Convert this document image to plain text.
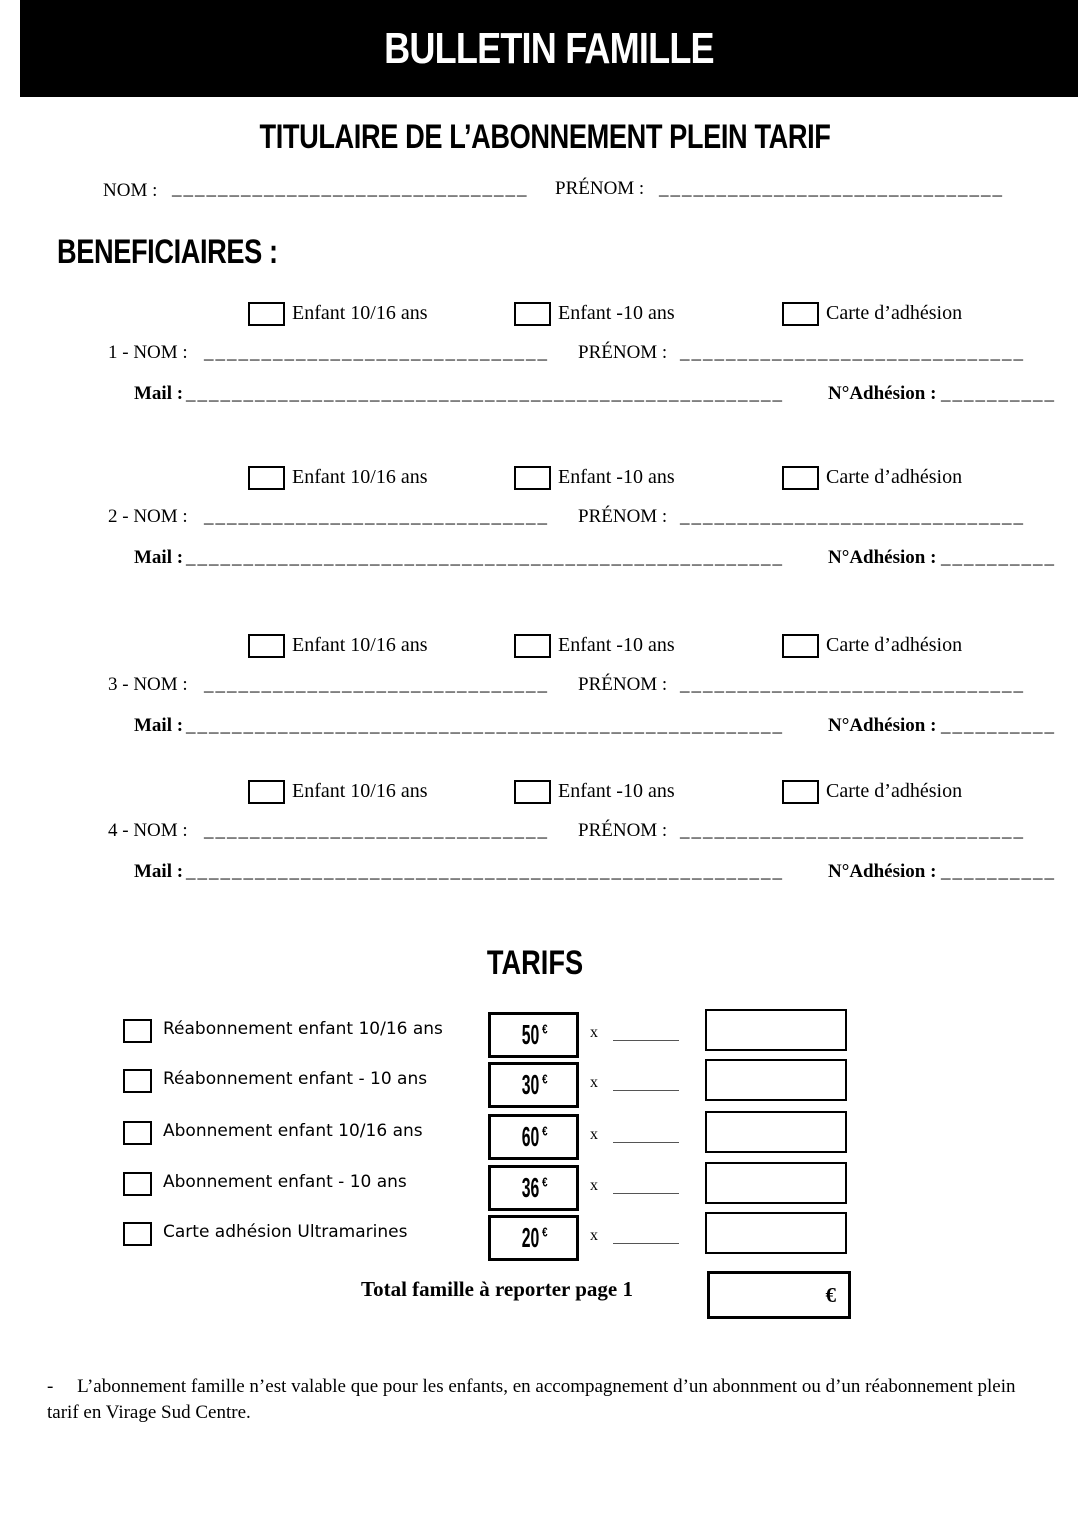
BULLETIN FAMILLE
TITULAIRE DE L’ABONNEMENT PLEIN TARIF
NOM : _______________________________	PRÉNOM : ______________________________
BENEFICIAIRES :
Enfant 10/16 ans	Enfant -10 ans	Carte d’adhésion
1 - NOM : ______________________________	PRÉNOM : ______________________________
Mail : ____________________________________________________	N°Adhésion : __________
Enfant 10/16 ans	Enfant -10 ans	Carte d’adhésion
2 - NOM : ______________________________	PRÉNOM : ______________________________
Mail : ____________________________________________________	N°Adhésion : __________
Enfant 10/16 ans	Enfant -10 ans	Carte d’adhésion
3 - NOM : ______________________________	PRÉNOM : ______________________________
Mail : ____________________________________________________	N°Adhésion : __________
Enfant 10/16 ans	Enfant -10 ans	Carte d’adhésion
4 - NOM : ______________________________	PRÉNOM : ______________________________
Mail : ____________________________________________________	N°Adhésion : __________
TARIFS
Réabonnement enfant 10/16 ans	50 €	x
Réabonnement enfant - 10 ans	30 €	x
Abonnement enfant 10/16 ans	60 €	x
Abonnement enfant - 10 ans	36 €	x
Carte adhésion Ultramarines	20 €	x
Total famille à reporter page 1	€
- L’abonnement famille n’est valable que pour les enfants, en accompagnement d’un abonnment ou d’un réabonnement plein tarif en Virage Sud Centre.
